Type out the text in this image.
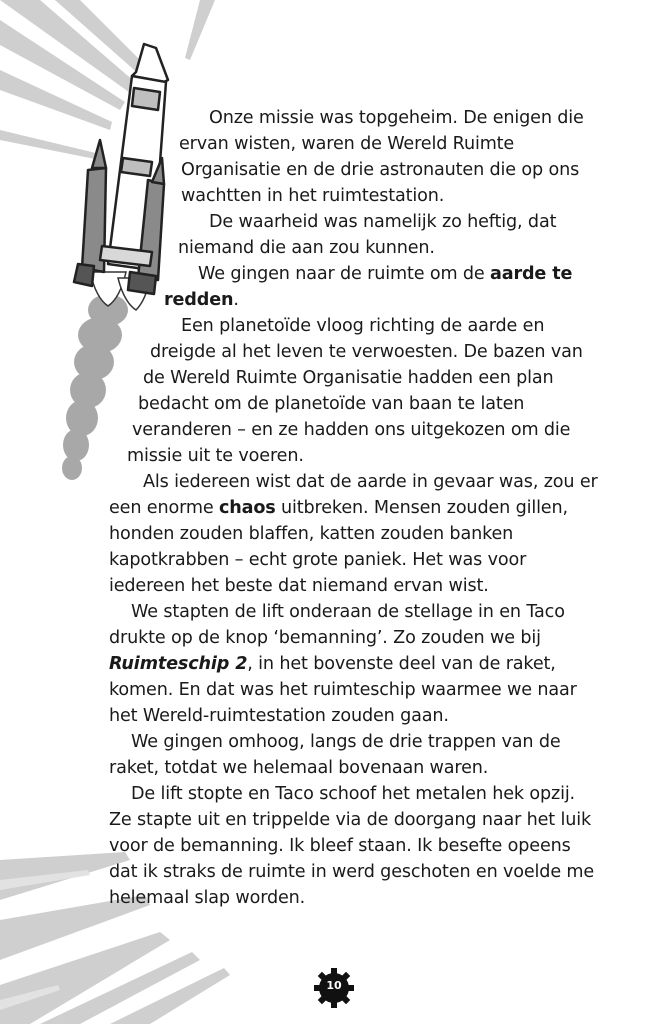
Onze missie was topgeheim. De enigen die
ervan wisten, waren de Wereld Ruimte
Organisatie en de drie astronauten die op ons
wachtten in het ruimtestation.
De waarheid was namelijk zo heftig, dat
niemand die aan zou kunnen.
We gingen naar de ruimte om de aarde te
redden.
Een planetoïde vloog richting de aarde en
dreigde al het leven te verwoesten. De bazen van
de Wereld Ruimte Organisatie hadden een plan
bedacht om de planetoïde van baan te laten
veranderen – en ze hadden ons uitgekozen om die
missie uit te voeren.
Als iedereen wist dat de aarde in gevaar was, zou er
een enorme chaos uitbreken. Mensen zouden gillen,
honden zouden blaffen, katten zouden banken
kapotkrabben – echt grote paniek. Het was voor
iedereen het beste dat niemand ervan wist.
We stapten de lift onderaan de stellage in en Taco
drukte op de knop ‘bemanning’. Zo zouden we bij
Ruimteschip 2, in het bovenste deel van de raket,
komen. En dat was het ruimteschip waarmee we naar
het Wereld-ruimtestation zouden gaan.
We gingen omhoog, langs de drie trappen van de
raket, totdat we helemaal bovenaan waren.
De lift stopte en Taco schoof het metalen hek opzij.
Ze stapte uit en trippelde via de doorgang naar het luik
voor de bemanning. Ik bleef staan. Ik besefte opeens
dat ik straks de ruimte in werd geschoten en voelde me
helemaal slap worden.
10
